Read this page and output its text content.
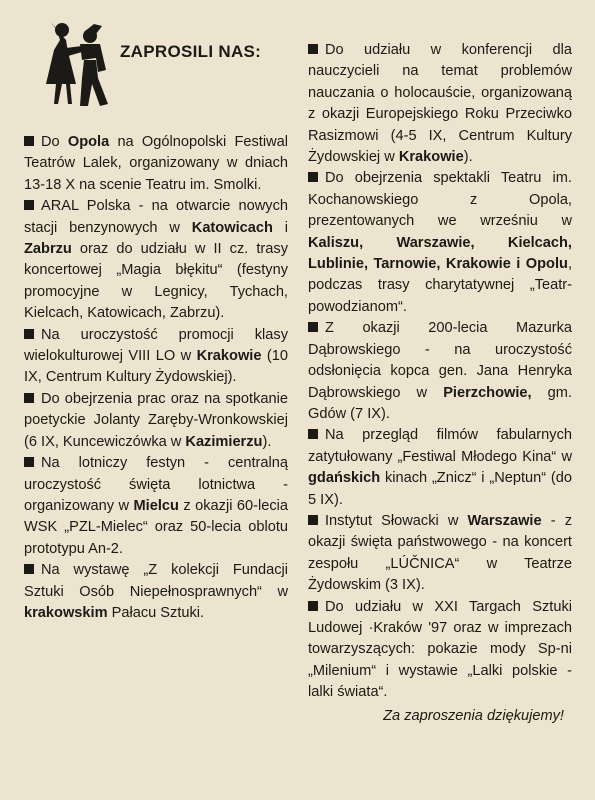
ZAPROSILI NAS:

Do Opola na Ogólnopolski Festiwal Teatrów Lalek, organizowany w dniach 13-18 X na scenie Teatru im. Smolki.

ARAL Polska - na otwarcie nowych stacji benzynowych w Katowicach i Zabrzu oraz do udziału w II cz. trasy koncertowej „Magia błękitu“ (festyny promocyjne w Legnicy, Tychach, Kielcach, Katowicach, Zabrzu).

Na uroczystość promocji klasy wielokulturowej VIII LO w Krakowie (10 IX, Centrum Kultury Żydowskiej).

Do obejrzenia prac oraz na spotkanie poetyckie Jolanty Zaręby-Wronkowskiej (6 IX, Kuncewiczówka w Kazimierzu).

Na lotniczy festyn - centralną uroczystość święta lotnictwa - organizowany w Mielcu z okazji 60-lecia WSK „PZL-Mielec“ oraz 50-lecia oblotu prototypu An-2.

Na wystawę „Z kolekcji Fundacji Sztuki Osób Niepełnosprawnych“ w krakowskim Pałacu Sztuki.

Do udziału w konferencji dla nauczycieli na temat problemów nauczania o holocauście, organizowaną z okazji Europejskiego Roku Przeciwko Rasizmowi (4-5 IX, Centrum Kultury Żydowskiej w Krakowie).

Do obejrzenia spektakli Teatru im. Kochanowskiego z Opola, prezentowanych we wrześniu w Kaliszu, Warszawie, Kielcach, Lublinie, Tarnowie, Krakowie i Opolu, podczas trasy charytatywnej „Teatr-powodzianom“.

Z okazji 200-lecia Mazurka Dąbrowskiego - na uroczystość odsłonięcia kopca gen. Jana Henryka Dąbrowskiego w Pierzchowie, gm. Gdów (7 IX).

Na przegląd filmów fabularnych zatytułowany „Festiwal Młodego Kina“ w gdańskich kinach „Znicz“ i „Neptun“ (do 5 IX).

Instytut Słowacki w Warszawie - z okazji święta państwowego - na koncert zespołu „LÚČNICA“ w Teatrze Żydowskim (3 IX).

Do udziału w XXI Targach Sztuki Ludowej ·Kraków '97 oraz w imprezach towarzyszących: pokazie mody Sp-ni „Milenium“ i wystawie „Lalki polskie - lalki świata“.

Za zaproszenia dziękujemy!
